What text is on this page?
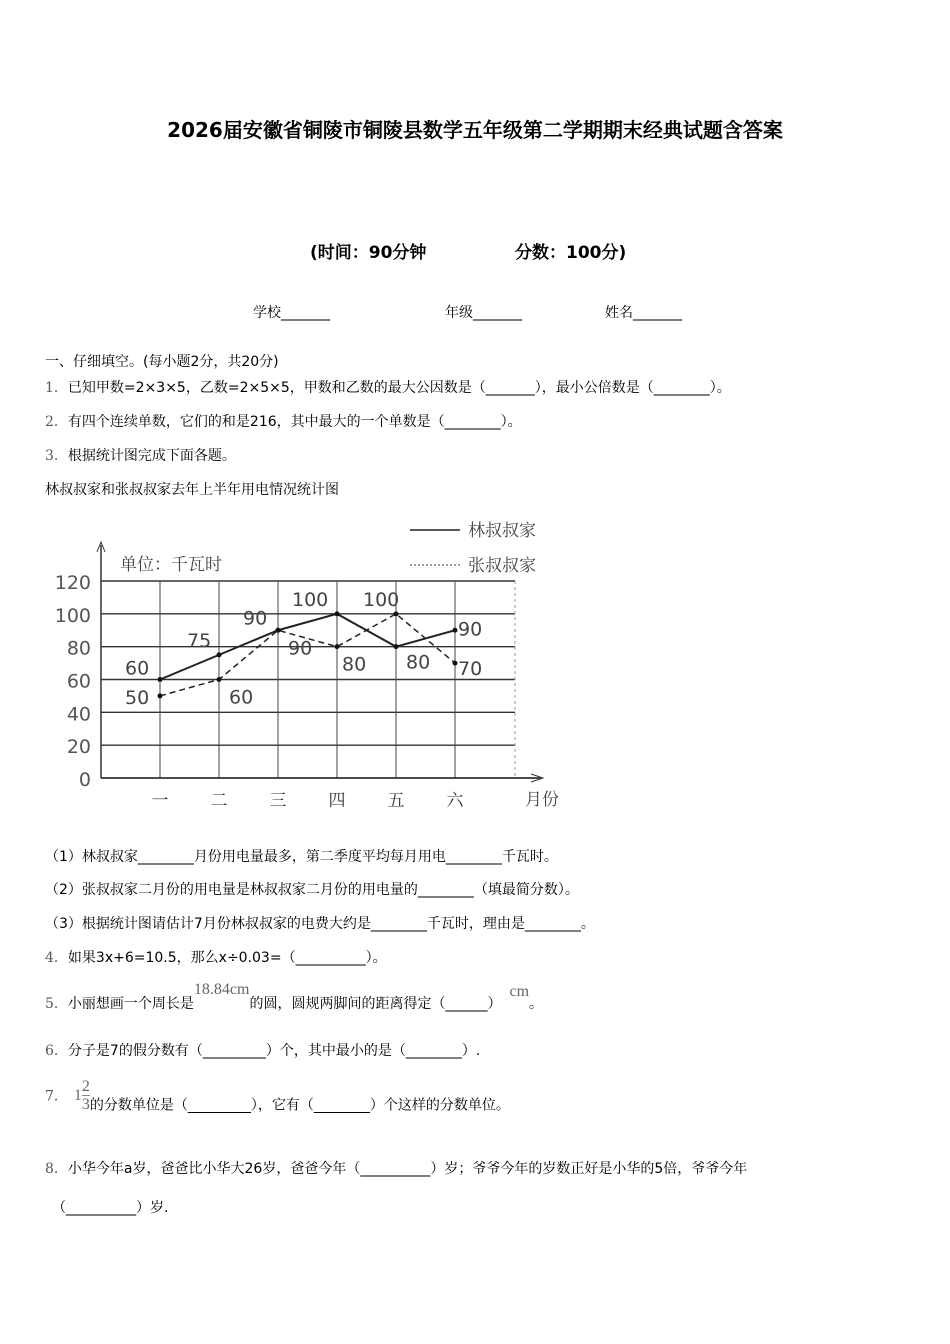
2026届安徽省铜陵市铜陵县数学五年级第二学期期末经典试题含答案
(时间：90分钟	分数：100分)
学校_______	年级_______	姓名_______
一、仔细填空。(每小题2分，共20分)
1．已知甲数=2×3×5，乙数=2×5×5，甲数和乙数的最大公因数是（_______），最小公倍数是（________）。
2．有四个连续单数，它们的和是216，其中最大的一个单数是（________）。
3．根据统计图完成下面各题。
林叔叔家和张叔叔家去年上半年用电情况统计图
0
20
40
60
80
100
120
一 二 三 四 五 六
单位：千瓦时
林叔叔家
张叔叔家
月份
60
75
90
100
80
90
50	60
90
80
100
70
（1）林叔叔家________月份用电量最多，第二季度平均每月用电________千瓦时。
（2）张叔叔家二月份的用电量是林叔叔家二月份的用电量的________（填最简分数）。
（3）根据统计图请估计7月份林叔叔家的电费大约是________千瓦时，理由是________。
4．如果3x+6=10.5，那么x÷0.03=（__________）。
5．小丽想画一个周长是18.84cm的圆，圆规两脚间的距离得定（______）cm。
6．分子是7的假分数有（_________）个，其中最小的是（________）.
7． $1 \frac{2}{3}$ 的分数单位是（_________），它有（________）个这样的分数单位。
8．小华今年a岁，爸爸比小华大26岁，爸爸今年（__________）岁；爷爷今年的岁数正好是小华的5倍，爷爷今年
（__________）岁.
